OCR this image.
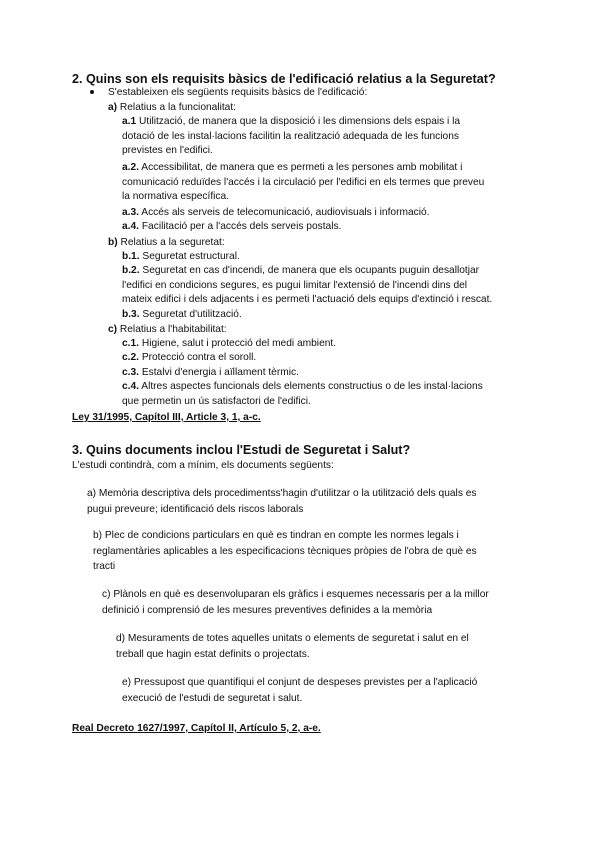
2. Quins son els requisits bàsics de l'edificació relatius a la Seguretat?
S'estableixen els següents requisits bàsics de l'edificació:
a) Relatius a la funcionalitat:
a.1 Utilització, de manera que la disposició i les dimensions dels espais i la
dotació de les instal·lacions facilitin la realització adequada de les funcions
previstes en l'edifici.
a.2. Accessibilitat, de manera que es permeti a les persones amb mobilitat i
comunicació reduïdes l'accés i la circulació per l'edifici en els termes que preveu
la normativa específica.
a.3. Accés als serveis de telecomunicació, audiovisuals i informació.
a.4. Facilitació per a l'accés dels serveis postals.
b) Relatius a la seguretat:
b.1. Seguretat estructural.
b.2. Seguretat en cas d'incendi, de manera que els ocupants puguin desallotjar
l'edifici en condicions segures, es pugui limitar l'extensió de l'incendi dins del
mateix edifici i dels adjacents i es permeti l'actuació dels equips d'extinció i rescat.
b.3. Seguretat d'utilització.
c) Relatius a l'habitabilitat:
c.1. Higiene, salut i protecció del medi ambient.
c.2. Protecció contra el soroll.
c.3. Estalvi d'energia i aïllament tèrmic.
c.4. Altres aspectes funcionals dels elements constructius o de les instal·lacions
que permetin un ús satisfactori de l'edifici.
Ley 31/1995, Capítol III, Article 3, 1, a-c.
3. Quins documents inclou l'Estudi de Seguretat i Salut?
L'estudi contindrà, com a mínim, els documents següents:
a) Memòria descriptiva dels procedimentss'hagin d'utilitzar o la utilització dels quals es
pugui preveure; identificació dels riscos laborals
b) Plec de condicions particulars en què es tindran en compte les normes legals i
reglamentàries aplicables a les especificacions tècniques pròpies de l'obra de què es
tracti
c) Plànols en què es desenvoluparan els gràfics i esquemes necessaris per a la millor
definició i comprensió de les mesures preventives definides a la memòria
d) Mesuraments de totes aquelles unitats o elements de seguretat i salut en el
treball que hagin estat definits o projectats.
e) Pressupost que quantifiqui el conjunt de despeses previstes per a l'aplicació
execució de l'estudi de seguretat i salut.
Real Decreto 1627/1997, Capítol II, Artículo 5, 2, a-e.
